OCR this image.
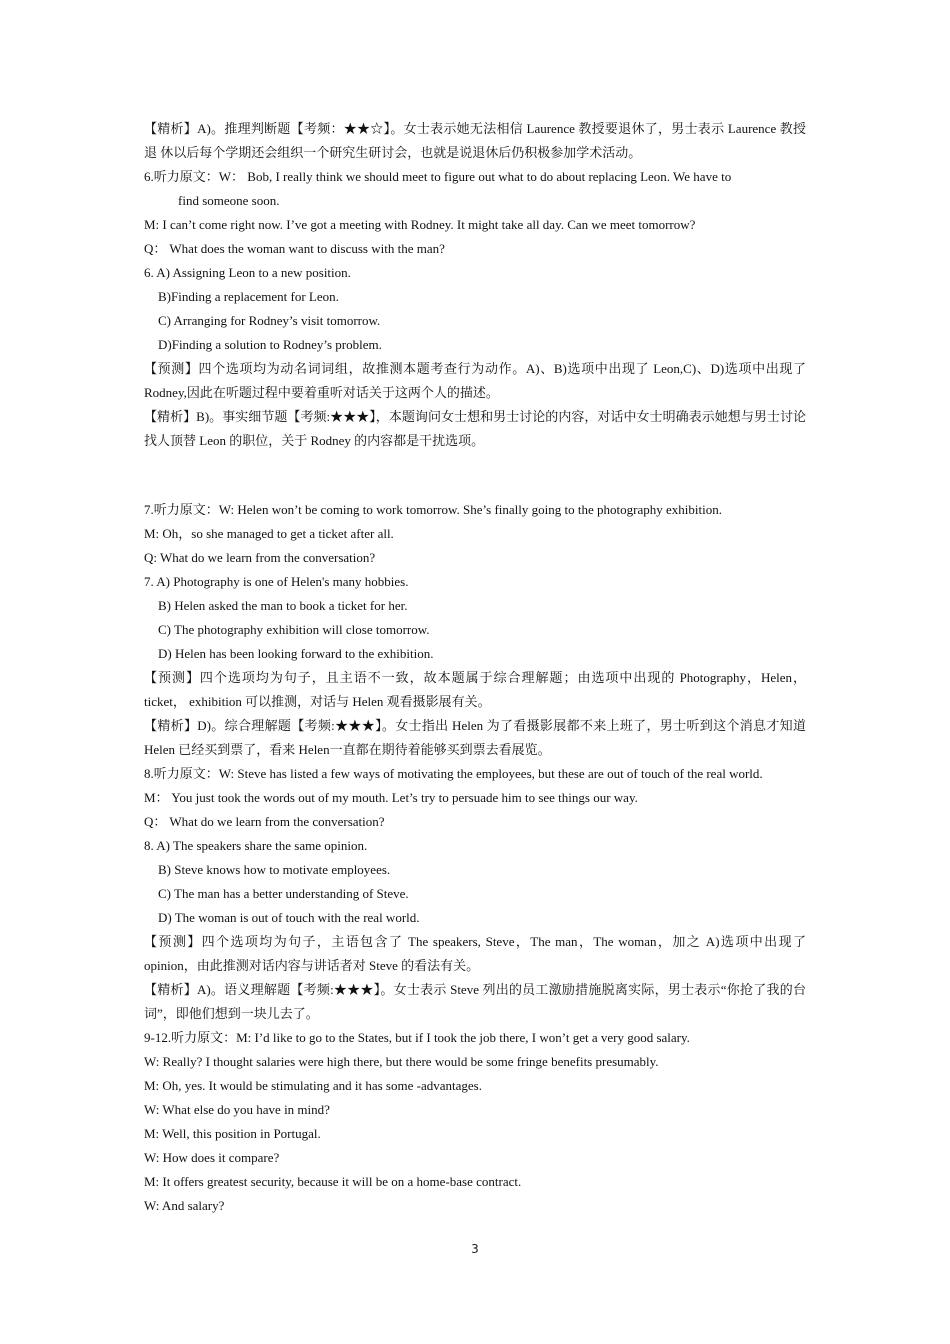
【精析】A)。推理判断题【考频：★★☆】。女士表示她无法相信 Laurence 教授要退休了，男士表示 Laurence 教授退 休以后每个学期还会组织一个研究生研讨会，也就是说退休后仍积极参加学术活动。

6.听力原文：W： Bob, I really think we should meet to figure out what to do about replacing Leon. We have to

find someone soon.

M: I can’t come right now. I’ve got a meeting with Rodney. It might take all day. Can we meet tomorrow?

Q： What does the woman want to discuss with the man?

6. A) Assigning Leon to a new position.

B)Finding a replacement for Leon.

C) Arranging for Rodney’s visit tomorrow.

D)Finding a solution to Rodney’s problem.

【预测】四个选项均为动名词词组，故推测本题考查行为动作。A)、B)选项中出现了 Leon,C)、D)选项中出现了 Rodney,因此在听题过程中要着重听对话关于这两个人的描述。

【精析】B)。事实细节题【考频:★★★】，本题询问女士想和男士讨论的内容，对话中女士明确表示她想与男士讨论找人顶替 Leon 的职位，关于 Rodney 的内容都是干扰选项。

7.听力原文：W: Helen won’t be coming to work tomorrow. She’s finally going to the photography exhibition.

M: Oh，so she managed to get a ticket after all.

Q: What do we learn from the conversation?

7. A) Photography is one of Helen's many hobbies.

B) Helen asked the man to book a ticket for her.

C) The photography exhibition will close tomorrow.

D) Helen has been looking forward to the exhibition.

【预测】四个选项均为句子，且主语不一致，故本题属于综合理解题；由选项中出现的 Photography，Helen，ticket， exhibition 可以推测，对话与 Helen 观看摄影展有关。

【精析】D)。综合理解题【考频:★★★】。女士指出 Helen 为了看摄影展都不来上班了，男士听到这个消息才知道 Helen 已经买到票了，看来 Helen一直都在期待着能够买到票去看展览。

8.听力原文：W: Steve has listed a few ways of motivating the employees, but these are out of touch of the real world.

M： You just took the words out of my mouth. Let’s try to persuade him to see things our way.

Q： What do we learn from the conversation?

8. A) The speakers share the same opinion.

B) Steve knows how to motivate employees.

C) The man has a better understanding of Steve.

D) The woman is out of touch with the real world.

【预测】四个选项均为句子，主语包含了 The speakers, Steve，The man，The woman，加之 A)选项中出现了 opinion，由此推测对话内容与讲话者对 Steve 的看法有关。

【精析】A)。语义理解题【考频:★★★】。女士表示 Steve 列出的员工激励措施脱离实际，男士表示“你抢了我的台词”，即他们想到一块儿去了。

9-12.听力原文：M: I’d like to go to the States, but if I took the job there, I won’t get a very good salary.

W: Really? I thought salaries were high there, but there would be some fringe benefits presumably.

M: Oh, yes. It would be stimulating and it has some -advantages.

W: What else do you have in mind?

M: Well, this position in Portugal.

W: How does it compare?

M: It offers greatest security, because it will be on a home-base contract.

W: And salary?

3
